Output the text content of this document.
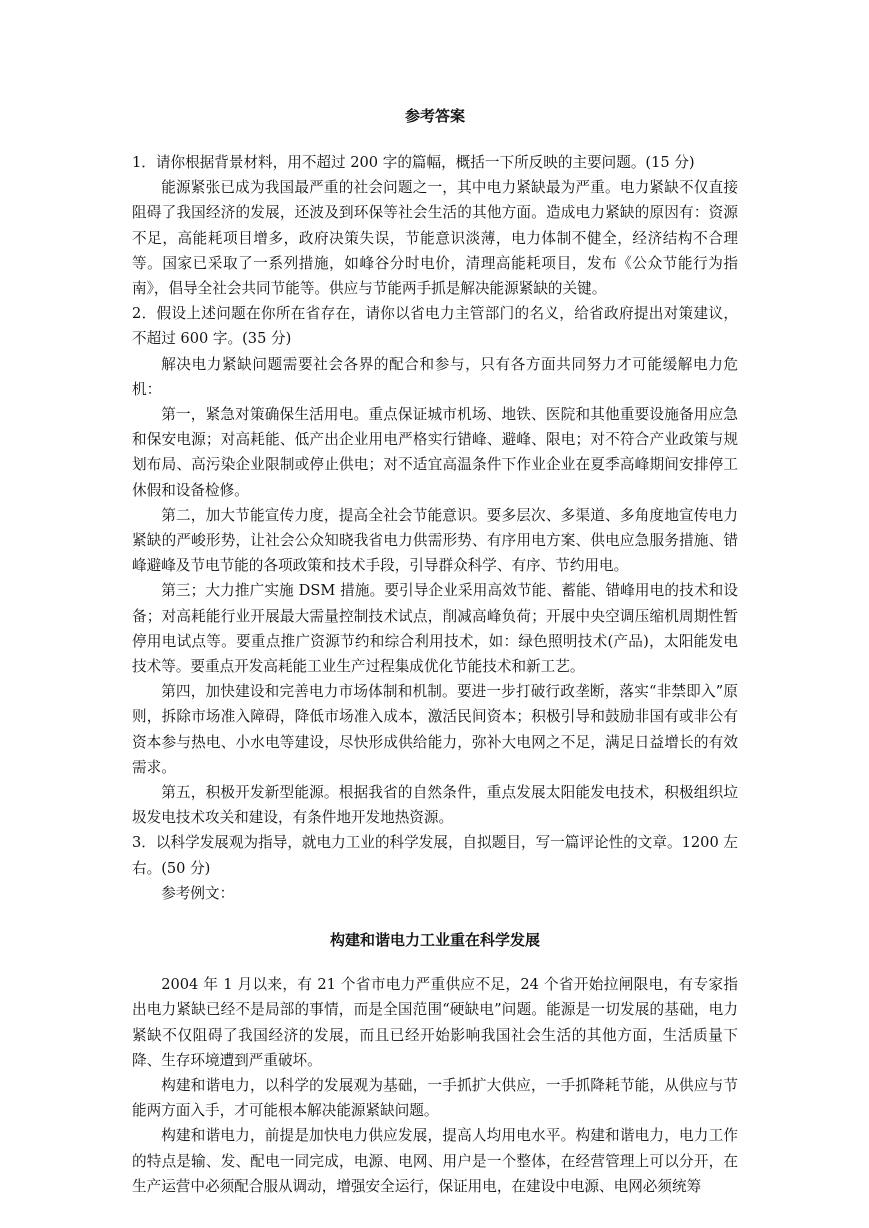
参考答案

1．请你根据背景材料，用不超过 200 字的篇幅，概括一下所反映的主要问题。(15 分)

能源紧张已成为我国最严重的社会问题之一，其中电力紧缺最为严重。电力紧缺不仅直接阻碍了我国经济的发展，还波及到环保等社会生活的其他方面。造成电力紧缺的原因有：资源不足，高能耗项目增多，政府决策失误，节能意识淡薄，电力体制不健全，经济结构不合理等。国家已采取了一系列措施，如峰谷分时电价，清理高能耗项目，发布《公众节能行为指南》，倡导全社会共同节能等。供应与节能两手抓是解决能源紧缺的关键。

2．假设上述问题在你所在省存在，请你以省电力主管部门的名义，给省政府提出对策建议，不超过 600 字。(35 分)

解决电力紧缺问题需要社会各界的配合和参与，只有各方面共同努力才可能缓解电力危机：

第一，紧急对策确保生活用电。重点保证城市机场、地铁、医院和其他重要设施备用应急和保安电源；对高耗能、低产出企业用电严格实行错峰、避峰、限电；对不符合产业政策与规划布局、高污染企业限制或停止供电；对不适宜高温条件下作业企业在夏季高峰期间安排停工休假和设备检修。

第二，加大节能宣传力度，提高全社会节能意识。要多层次、多渠道、多角度地宣传电力紧缺的严峻形势，让社会公众知晓我省电力供需形势、有序用电方案、供电应急服务措施、错峰避峰及节电节能的各项政策和技术手段，引导群众科学、有序、节约用电。

第三；大力推广实施 DSM 措施。要引导企业采用高效节能、蓄能、错峰用电的技术和设备；对高耗能行业开展最大需量控制技术试点，削减高峰负荷；开展中央空调压缩机周期性暂停用电试点等。要重点推广资源节约和综合利用技术，如：绿色照明技术(产品)，太阳能发电技术等。要重点开发高耗能工业生产过程集成优化节能技术和新工艺。

第四，加快建设和完善电力市场体制和机制。要进一步打破行政垄断，落实“非禁即入”原则，拆除市场准入障碍，降低市场准入成本，激活民间资本；积极引导和鼓励非国有或非公有资本参与热电、小水电等建设，尽快形成供给能力，弥补大电网之不足，满足日益增长的有效需求。

第五，积极开发新型能源。根据我省的自然条件，重点发展太阳能发电技术，积极组织垃圾发电技术攻关和建设，有条件地开发地热资源。

3．以科学发展观为指导，就电力工业的科学发展，自拟题目，写一篇评论性的文章。1200 左右。(50 分)

参考例文：

构建和谐电力工业重在科学发展

2004 年 1 月以来，有 21 个省市电力严重供应不足，24 个省开始拉闸限电，有专家指出电力紧缺已经不是局部的事情，而是全国范围“硬缺电”问题。能源是一切发展的基础，电力紧缺不仅阻碍了我国经济的发展，而且已经开始影响我国社会生活的其他方面，生活质量下降、生存环境遭到严重破坏。

构建和谐电力，以科学的发展观为基础，一手抓扩大供应，一手抓降耗节能，从供应与节能两方面入手，才可能根本解决能源紧缺问题。

构建和谐电力，前提是加快电力供应发展，提高人均用电水平。构建和谐电力，电力工作的特点是输、发、配电一同完成，电源、电网、用户是一个整体，在经营管理上可以分开，在生产运营中必须配合服从调动，增强安全运行，保证用电，在建设中电源、电网必须统筹
